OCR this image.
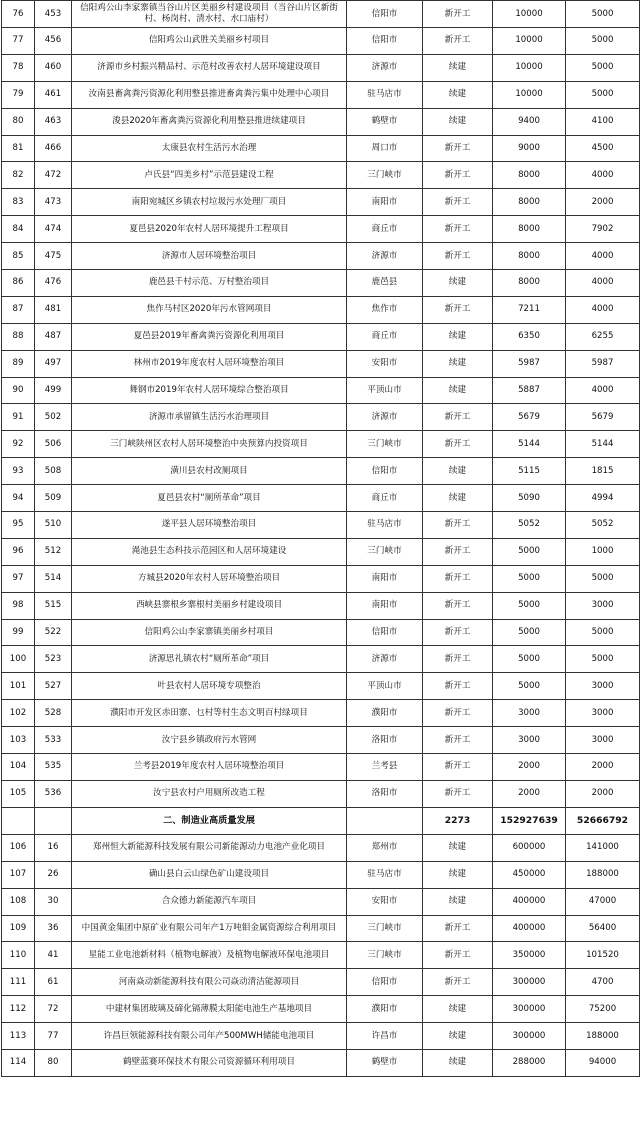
76	453	信阳鸡公山李家寨镇当谷山片区美丽乡村建设项目（当谷山片区新街村、杨岗村、清水村、水口庙村）	信阳市	新开工	10000	5000
77	456	信阳鸡公山武胜关美丽乡村项目	信阳市	新开工	10000	5000
78	460	济源市乡村振兴精品村、示范村改善农村人居环境建设项目	济源市	续建	10000	5000
79	461	汝南县畜禽粪污资源化利用整县推进畜禽粪污集中处理中心项目	驻马店市	续建	10000	5000
80	463	浚县2020年畜禽粪污资源化利用整县推进续建项目	鹤壁市	续建	9400	4100
81	466	太康县农村生活污水治理	周口市	新开工	9000	4500
82	472	卢氏县“四美乡村”示范县建设工程	三门峡市	新开工	8000	4000
83	473	南阳宛城区乡镇农村垃圾污水处理厂项目	南阳市	新开工	8000	2000
84	474	夏邑县2020年农村人居环境提升工程项目	商丘市	新开工	8000	7902
85	475	济源市人居环境整治项目	济源市	新开工	8000	4000
86	476	鹿邑县千村示范、万村整治项目	鹿邑县	续建	8000	4000
87	481	焦作马村区2020年污水管网项目	焦作市	新开工	7211	4000
88	487	夏邑县2019年畜禽粪污资源化利用项目	商丘市	续建	6350	6255
89	497	林州市2019年度农村人居环境整治项目	安阳市	续建	5987	5987
90	499	舞钢市2019年农村人居环境综合整治项目	平顶山市	续建	5887	4000
91	502	济源市承留镇生活污水治理项目	济源市	新开工	5679	5679
92	506	三门峡陕州区农村人居环境整治中央预算内投资项目	三门峡市	新开工	5144	5144
93	508	潢川县农村改厕项目	信阳市	续建	5115	1815
94	509	夏邑县农村“厕所革命”项目	商丘市	续建	5090	4994
95	510	遂平县人居环境整治项目	驻马店市	新开工	5052	5052
96	512	渑池县生态科技示范园区和人居环境建设	三门峡市	新开工	5000	1000
97	514	方城县2020年农村人居环境整治项目	南阳市	新开工	5000	5000
98	515	西峡县寨根乡寨根村美丽乡村建设项目	南阳市	新开工	5000	3000
99	522	信阳鸡公山李家寨镇美丽乡村项目	信阳市	新开工	5000	5000
100	523	济源思礼镇农村“厕所革命”项目	济源市	新开工	5000	5000
101	527	叶县农村人居环境专项整治	平顶山市	新开工	5000	3000
102	528	濮阳市开发区赤田寨、乜村等村生态文明百村绿项目	濮阳市	新开工	3000	3000
103	533	汝宁县乡镇政府污水管网	洛阳市	新开工	3000	3000
104	535	兰考县2019年度农村人居环境整治项目	兰考县	新开工	2000	2000
105	536	汝宁县农村户用厕所改造工程	洛阳市	新开工	2000	2000
		二、制造业高质量发展		2273	152927639	52666792
106	16	郑州恒大新能源科技发展有限公司新能源动力电池产业化项目	郑州市	续建	600000	141000
107	26	确山县白云山绿色矿山建设项目	驻马店市	续建	450000	188000
108	30	合众德力新能源汽车项目	安阳市	续建	400000	47000
109	36	中国黄金集团中原矿业有限公司年产1万吨钼金属资源综合利用项目	三门峡市	新开工	400000	56400
110	41	星能工业电池新材料（植物电解液）及植物电解液环保电池项目	三门峡市	新开工	350000	101520
111	61	河南焱动新能源科技有限公司焱动清洁能源项目	信阳市	新开工	300000	4700
112	72	中建材集团玻璃及碲化镉薄膜太阳能电池生产基地项目	濮阳市	续建	300000	75200
113	77	许昌巨领能源科技有限公司年产500MWH储能电池项目	许昌市	续建	300000	188000
114	80	鹤壁蓝赛环保技术有限公司资源循环利用项目	鹤壁市	续建	288000	94000
